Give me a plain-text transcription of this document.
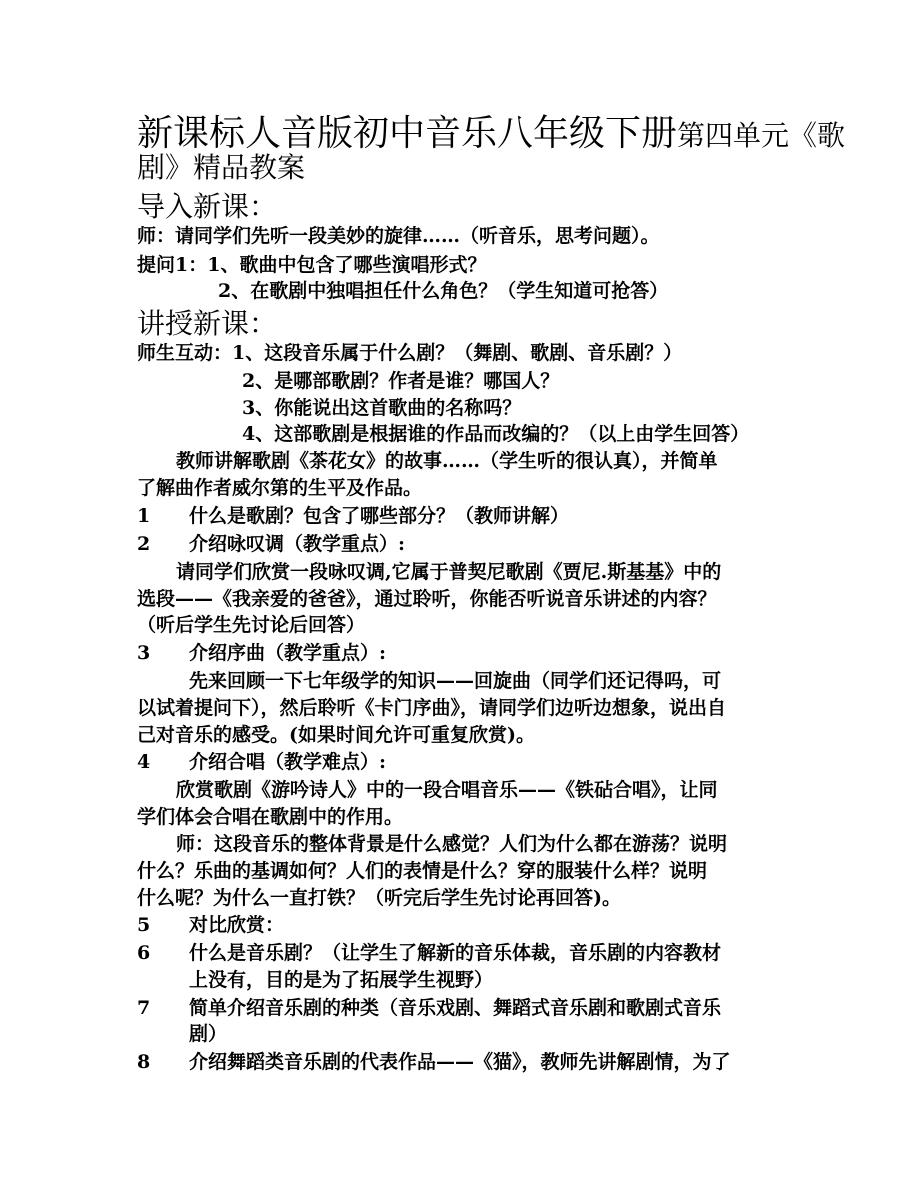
新课标人音版初中音乐八年级下册第四单元《歌
剧》精品教案
导入新课：
师：请同学们先听一段美妙的旋律……（听音乐，思考问题）。
提问1：1、歌曲中包含了哪些演唱形式？
2、在歌剧中独唱担任什么角色？（学生知道可抢答）
讲授新课：
师生互动：1、这段音乐属于什么剧？（舞剧、歌剧、音乐剧？）
2、是哪部歌剧？作者是谁？哪国人？
3、你能说出这首歌曲的名称吗？
4、这部歌剧是根据谁的作品而改编的？（以上由学生回答）
教师讲解歌剧《茶花女》的故事……（学生听的很认真），并简单
了解曲作者威尔第的生平及作品。
1 什么是歌剧？包含了哪些部分？（教师讲解）
2 介绍咏叹调（教学重点）:
请同学们欣赏一段咏叹调,它属于普契尼歌剧《贾尼.斯基基》中的
选段——《我亲爱的爸爸》，通过聆听，你能否听说音乐讲述的内容？
（听后学生先讨论后回答）
3 介绍序曲（教学重点）:
先来回顾一下七年级学的知识——回旋曲（同学们还记得吗，可
以试着提问下），然后聆听《卡门序曲》，请同学们边听边想象，说出自
己对音乐的感受。(如果时间允许可重复欣赏)。
4 介绍合唱（教学难点）:
欣赏歌剧《游吟诗人》中的一段合唱音乐——《铁砧合唱》，让同
学们体会合唱在歌剧中的作用。
师：这段音乐的整体背景是什么感觉？人们为什么都在游荡？说明
什么？乐曲的基调如何？人们的表情是什么？穿的服装什么样？说明
什么呢？为什么一直打铁？（听完后学生先讨论再回答)。
5 对比欣赏：
6 什么是音乐剧？（让学生了解新的音乐体裁，音乐剧的内容教材
上没有，目的是为了拓展学生视野）
7 简单介绍音乐剧的种类（音乐戏剧、舞蹈式音乐剧和歌剧式音乐
剧）
8 介绍舞蹈类音乐剧的代表作品——《猫》，教师先讲解剧情，为了
